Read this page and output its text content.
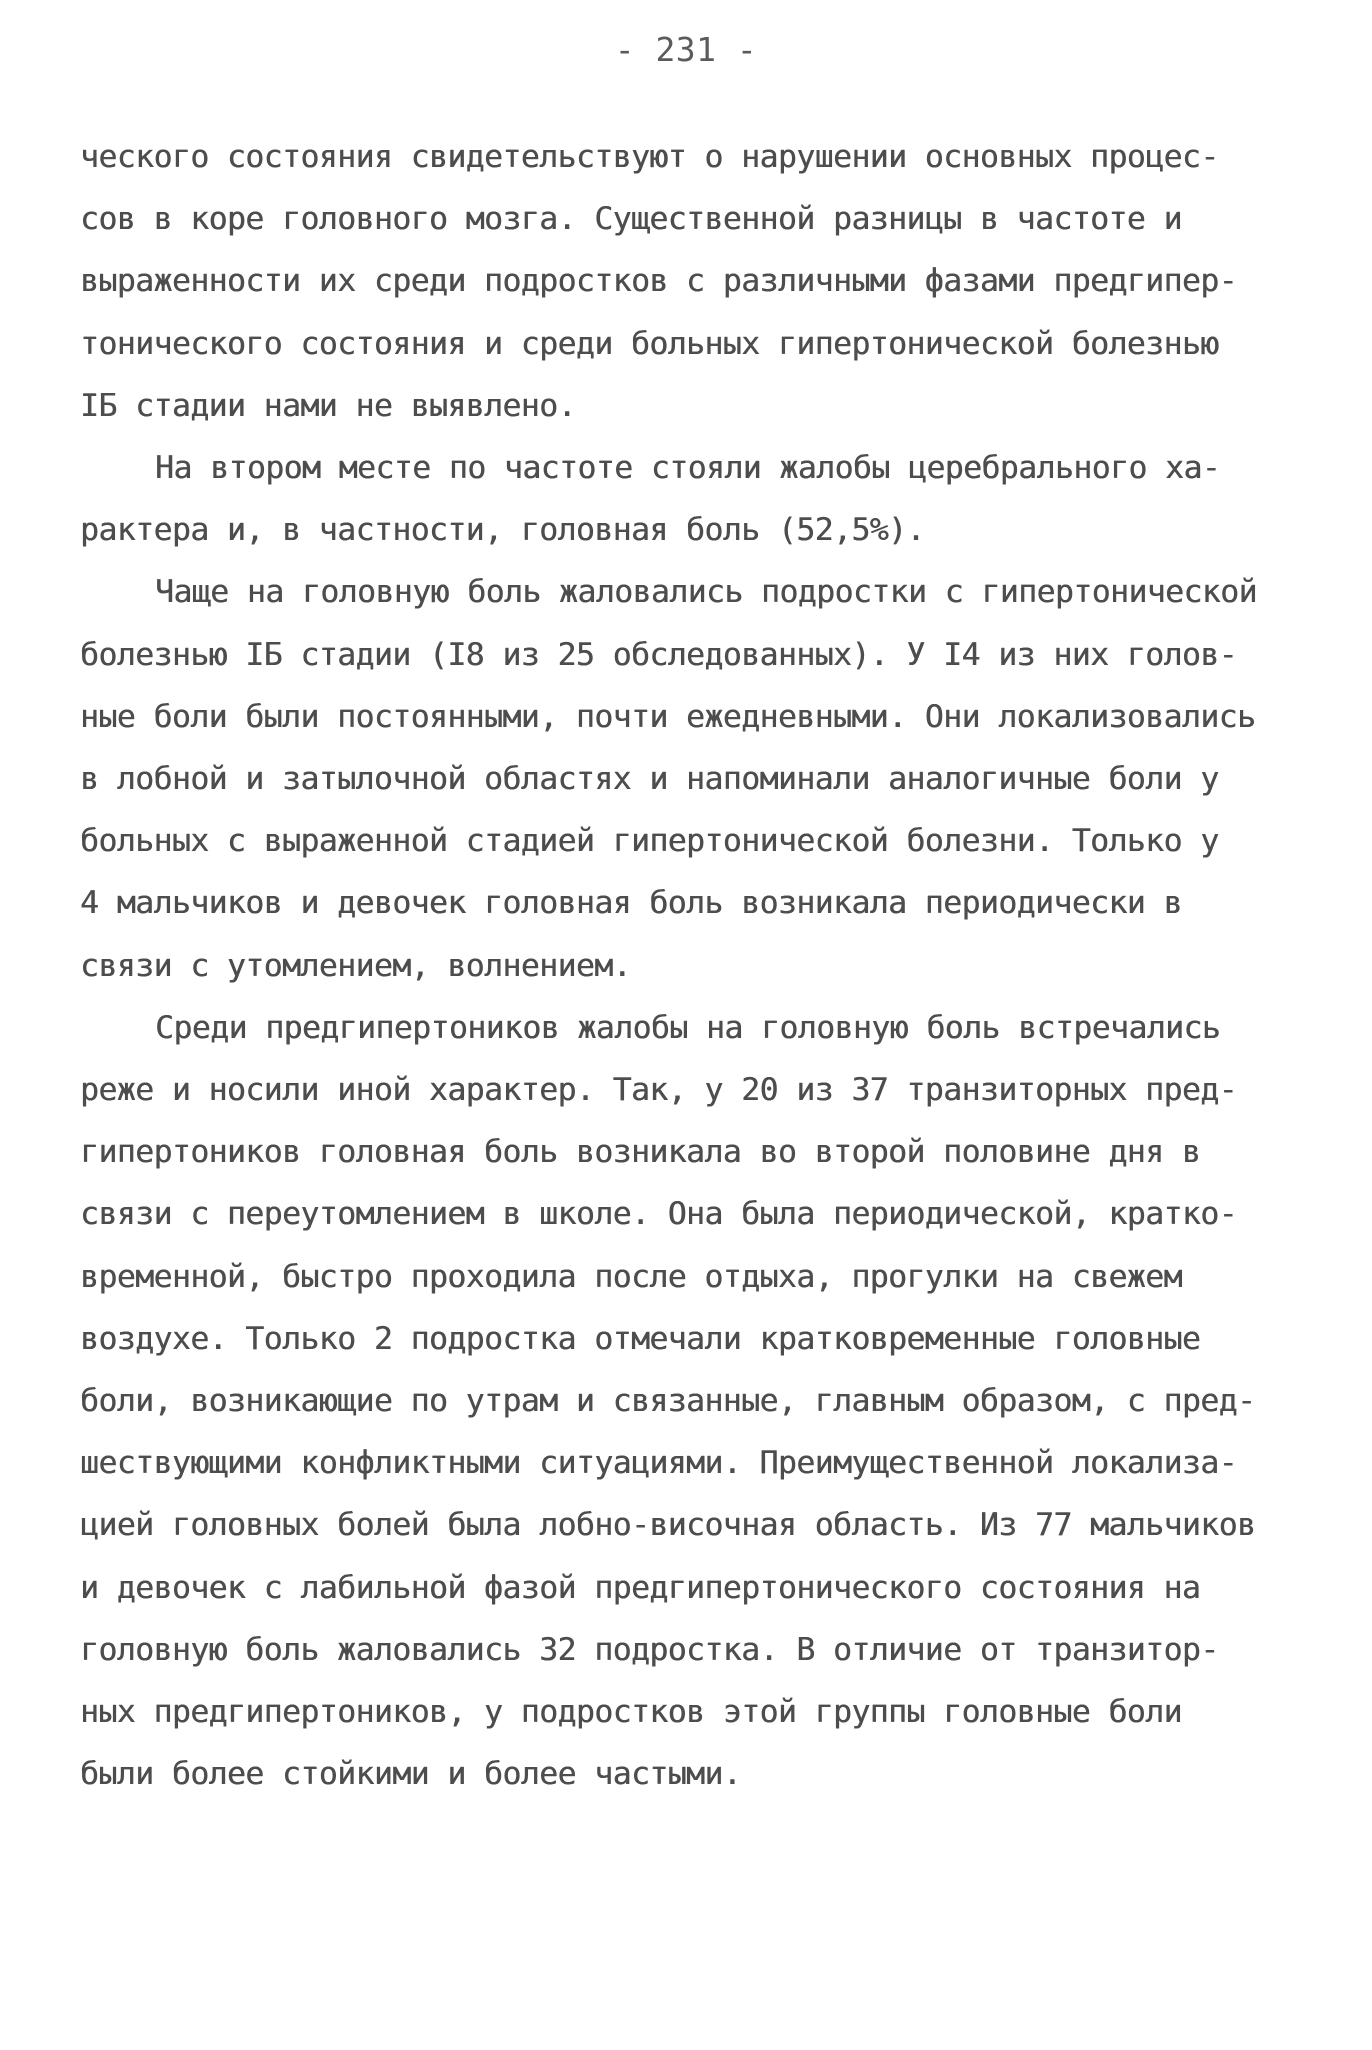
- 231 -
ческого состояния свидетельствуют о нарушении основных процес-
сов в коре головного мозга. Существенной разницы в частоте и
выраженности их среди подростков с различными фазами предгипер-
тонического состояния и среди больных гипертонической болезнью
IБ стадии нами не выявлено.
На втором месте по частоте стояли жалобы церебрального ха-
рактера и, в частности, головная боль (52,5%).
Чаще на головную боль жаловались подростки с гипертонической
болезнью IБ стадии (I8 из 25 обследованных). У I4 из них голов-
ные боли были постоянными, почти ежедневными. Они локализовались
в лобной и затылочной областях и напоминали аналогичные боли у
больных с выраженной стадией гипертонической болезни. Только у
4 мальчиков и девочек головная боль возникала периодически в
связи с утомлением, волнением.
Среди предгипертоников жалобы на головную боль встречались
реже и носили иной характер. Так, у 20 из 37 транзиторных пред-
гипертоников головная боль возникала во второй половине дня в
связи с переутомлением в школе. Она была периодической, кратко-
временной, быстро проходила после отдыха, прогулки на свежем
воздухе. Только 2 подростка отмечали кратковременные головные
боли, возникающие по утрам и связанные, главным образом, с пред-
шествующими конфликтными ситуациями. Преимущественной локализа-
цией головных болей была лобно-височная область. Из 77 мальчиков
и девочек с лабильной фазой предгипертонического состояния на
головную боль жаловались 32 подростка. В отличие от транзитор-
ных предгипертоников, у подростков этой группы головные боли
были более стойкими и более частыми.
